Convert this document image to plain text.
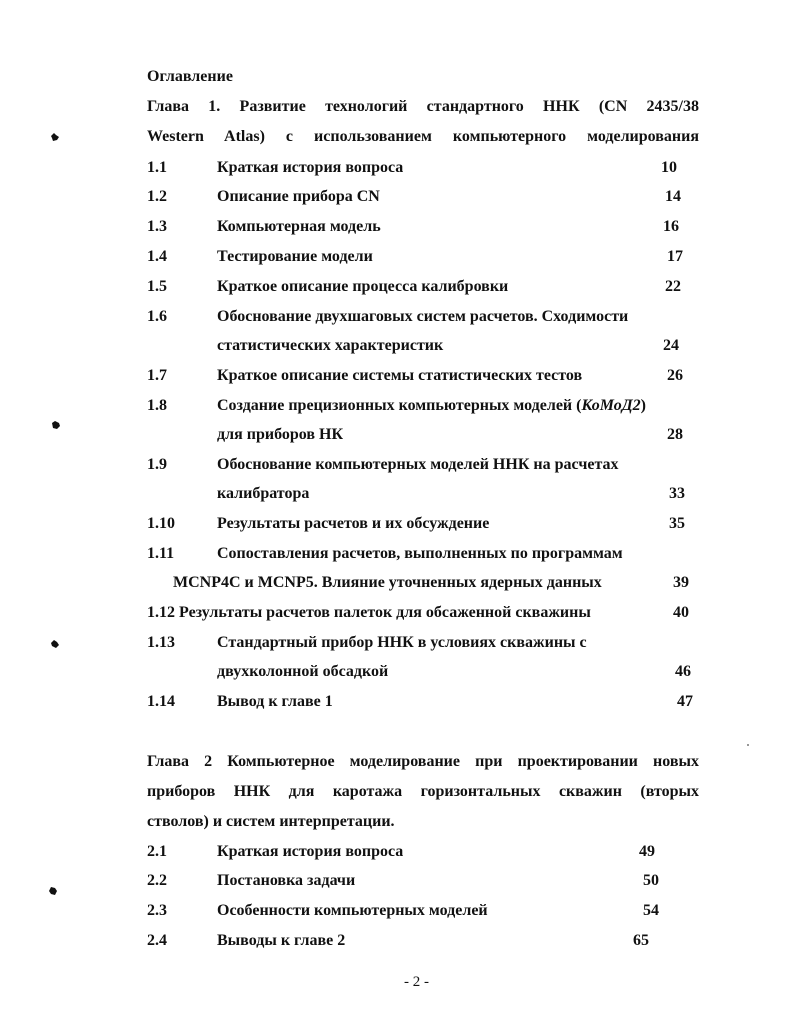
Оглавление
Глава 1. Развитие технологий стандартного ННК (CN 2435/38
Western Atlas) с использованием компьютерного моделирования
1.1	Краткая история вопроса	10
1.2	Описание прибора CN	14
1.3	Компьютерная модель	16
1.4	Тестирование модели	17
1.5	Краткое описание процесса калибровки	22
1.6	Обоснование двухшаговых систем расчетов. Сходимости
статистических характеристик	24
1.7	Краткое описание системы статистических тестов	26
1.8	Создание прецизионных компьютерных моделей (КоМоД2)
для приборов НК	28
1.9	Обоснование компьютерных моделей ННК на расчетах
калибратора	33
1.10	Результаты расчетов и их обсуждение	35
1.11	Сопоставления расчетов, выполненных по программам
MCNP4C и MCNP5. Влияние уточненных ядерных данных	39
1.12 Результаты расчетов палеток для обсаженной скважины	40
1.13	Стандартный прибор ННК в условиях скважины с
двухколонной обсадкой	46
1.14	Вывод к главе 1	47
Глава 2 Компьютерное моделирование при проектировании новых
приборов ННК для каротажа горизонтальных скважин (вторых
стволов) и систем интерпретации.
2.1	Краткая история вопроса	49
2.2	Постановка задачи	50
2.3	Особенности компьютерных моделей	54
2.4	Выводы к главе 2	65
- 2 -
